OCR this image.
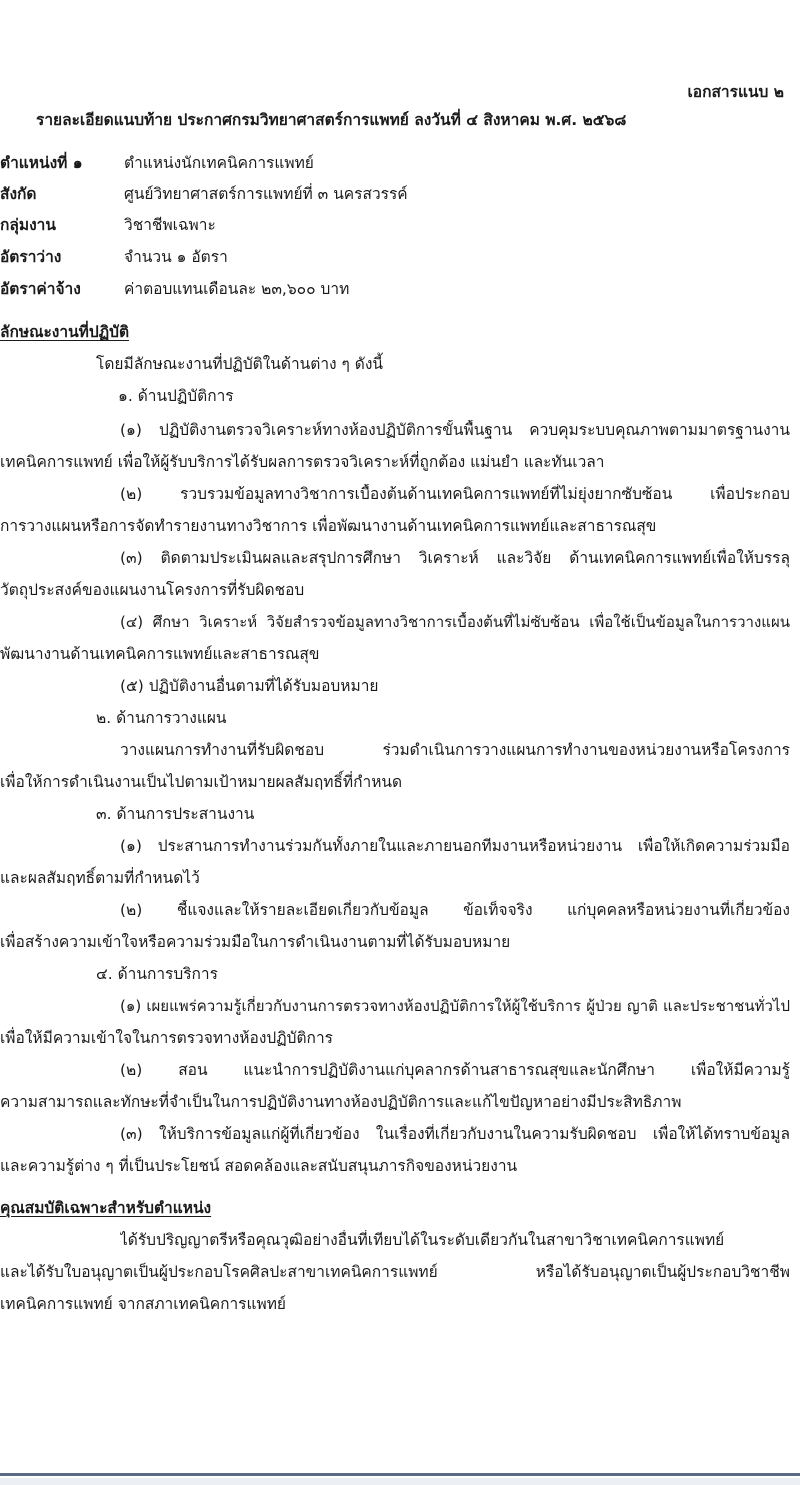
เอกสารแนบ ๒
รายละเอียดแนบท้าย ประกาศกรมวิทยาศาสตร์การแพทย์ ลงวันที่ ๔ สิงหาคม พ.ศ. ๒๕๖๘
ตำแหน่งที่ ๑	ตำแหน่งนักเทคนิคการแพทย์
สังกัด	ศูนย์วิทยาศาสตร์การแพทย์ที่ ๓ นครสวรรค์
กลุ่มงาน	วิชาชีพเฉพาะ
อัตราว่าง	จำนวน ๑ อัตรา
อัตราค่าจ้าง	ค่าตอบแทนเดือนละ ๒๓,๖๐๐ บาท
ลักษณะงานที่ปฏิบัติ
โดยมีลักษณะงานที่ปฏิบัติในด้านต่าง ๆ ดังนี้
๑. ด้านปฏิบัติการ
(๑) ปฏิบัติงานตรวจวิเคราะห์ทางห้องปฏิบัติการขั้นพื้นฐาน ควบคุมระบบคุณภาพตามมาตรฐานงาน
เทคนิคการแพทย์ เพื่อให้ผู้รับบริการได้รับผลการตรวจวิเคราะห์ที่ถูกต้อง แม่นยำ และทันเวลา
(๒) รวบรวมข้อมูลทางวิชาการเบื้องต้นด้านเทคนิคการแพทย์ที่ไม่ยุ่งยากซับซ้อน เพื่อประกอบ
การวางแผนหรือการจัดทำรายงานทางวิชาการ เพื่อพัฒนางานด้านเทคนิคการแพทย์และสาธารณสุข
(๓) ติดตามประเมินผลและสรุปการศึกษา วิเคราะห์ และวิจัย ด้านเทคนิคการแพทย์เพื่อให้บรรลุ
วัตถุประสงค์ของแผนงานโครงการที่รับผิดชอบ
(๔) ศึกษา วิเคราะห์ วิจัยสำรวจข้อมูลทางวิชาการเบื้องต้นที่ไม่ซับซ้อน เพื่อใช้เป็นข้อมูลในการวางแผน
พัฒนางานด้านเทคนิคการแพทย์และสาธารณสุข
(๕) ปฏิบัติงานอื่นตามที่ได้รับมอบหมาย
๒. ด้านการวางแผน
วางแผนการทำงานที่รับผิดชอบ ร่วมดำเนินการวางแผนการทำงานของหน่วยงานหรือโครงการ
เพื่อให้การดำเนินงานเป็นไปตามเป้าหมายผลสัมฤทธิ์ที่กำหนด
๓. ด้านการประสานงาน
(๑) ประสานการทำงานร่วมกันทั้งภายในและภายนอกทีมงานหรือหน่วยงาน เพื่อให้เกิดความร่วมมือ
และผลสัมฤทธิ์ตามที่กำหนดไว้
(๒) ชี้แจงและให้รายละเอียดเกี่ยวกับข้อมูล ข้อเท็จจริง แก่บุคคลหรือหน่วยงานที่เกี่ยวข้อง
เพื่อสร้างความเข้าใจหรือความร่วมมือในการดำเนินงานตามที่ได้รับมอบหมาย
๔. ด้านการบริการ
(๑) เผยแพร่ความรู้เกี่ยวกับงานการตรวจทางห้องปฏิบัติการให้ผู้ใช้บริการ ผู้ป่วย ญาติ และประชาชนทั่วไป
เพื่อให้มีความเข้าใจในการตรวจทางห้องปฏิบัติการ
(๒) สอน แนะนำการปฏิบัติงานแก่บุคลากรด้านสาธารณสุขและนักศึกษา เพื่อให้มีความรู้
ความสามารถและทักษะที่จำเป็นในการปฏิบัติงานทางห้องปฏิบัติการและแก้ไขปัญหาอย่างมีประสิทธิภาพ
(๓) ให้บริการข้อมูลแก่ผู้ที่เกี่ยวข้อง ในเรื่องที่เกี่ยวกับงานในความรับผิดชอบ เพื่อให้ได้ทราบข้อมูล
และความรู้ต่าง ๆ ที่เป็นประโยชน์ สอดคล้องและสนับสนุนภารกิจของหน่วยงาน
คุณสมบัติเฉพาะสำหรับตำแหน่ง
ได้รับปริญญาตรีหรือคุณวุฒิอย่างอื่นที่เทียบได้ในระดับเดียวกันในสาขาวิชาเทคนิคการแพทย์
และได้รับใบอนุญาตเป็นผู้ประกอบโรคศิลปะสาขาเทคนิคการแพทย์ หรือได้รับอนุญาตเป็นผู้ประกอบวิชาชีพ
เทคนิคการแพทย์ จากสภาเทคนิคการแพทย์
